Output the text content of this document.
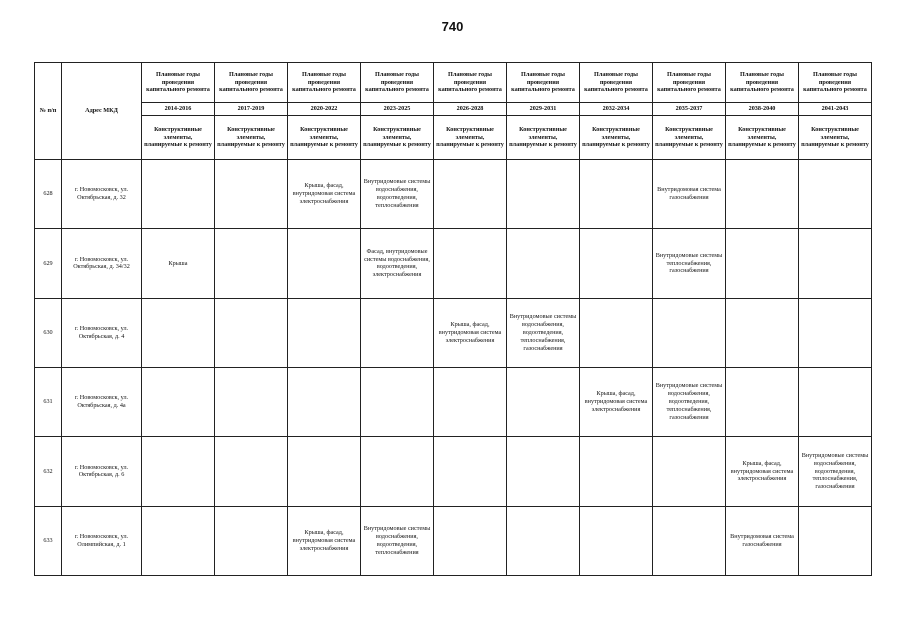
740
№ п/п	Адрес МКД	Плановые годы проведения капитального ремонта	Плановые годы проведения капитального ремонта	Плановые годы проведения капитального ремонта	Плановые годы проведения капитального ремонта	Плановые годы проведения капитального ремонта	Плановые годы проведения капитального ремонта	Плановые годы проведения капитального ремонта	Плановые годы проведения капитального ремонта	Плановые годы проведения капитального ремонта	Плановые годы проведения капитального ремонта
		2014-2016	2017-2019	2020-2022	2023-2025	2026-2028	2029-2031	2032-2034	2035-2037	2038-2040	2041-2043
		Конструктивные элементы, планируемые к ремонту	Конструктивные элементы, планируемые к ремонту	Конструктивные элементы, планируемые к ремонту	Конструктивные элементы, планируемые к ремонту	Конструктивные элементы, планируемые к ремонту	Конструктивные элементы, планируемые к ремонту	Конструктивные элементы, планируемые к ремонту	Конструктивные элементы, планируемые к ремонту	Конструктивные элементы, планируемые к ремонту	Конструктивные элементы, планируемые к ремонту
628	г. Новомосковск, ул. Октябрьская, д. 32			Крыша, фасад, внутридомовая система электроснабжения	Внутридомовые системы водоснабжения, водоотведения, теплоснабжения				Внутридомовая система газоснабжения		
629	г. Новомосковск, ул. Октябрьская, д. 34/32	Крыша			Фасад, внутридомовые системы водоснабжения, водоотведения, электроснабжения				Внутридомовые системы теплоснабжения, газоснабжения		
630	г. Новомосковск, ул. Октябрьская, д. 4					Крыша, фасад, внутридомовая система электроснабжения	Внутридомовые системы водоснабжения, водоотведения, теплоснабжения, газоснабжения				
631	г. Новомосковск, ул. Октябрьская, д. 4а							Крыша, фасад, внутридомовая система электроснабжения	Внутридомовые системы водоснабжения, водоотведения, теплоснабжения, газоснабжения		
632	г. Новомосковск, ул. Октябрьская, д. 6									Крыша, фасад, внутридомовая система электроснабжения	Внутридомовые системы водоснабжения, водоотведения, теплоснабжения, газоснабжения
633	г. Новомосковск, ул. Олимпийская, д. 1			Крыша, фасад, внутридомовая система электроснабжения	Внутридомовые системы водоснабжения, водоотведения, теплоснабжения					Внутридомовая система газоснабжения	
